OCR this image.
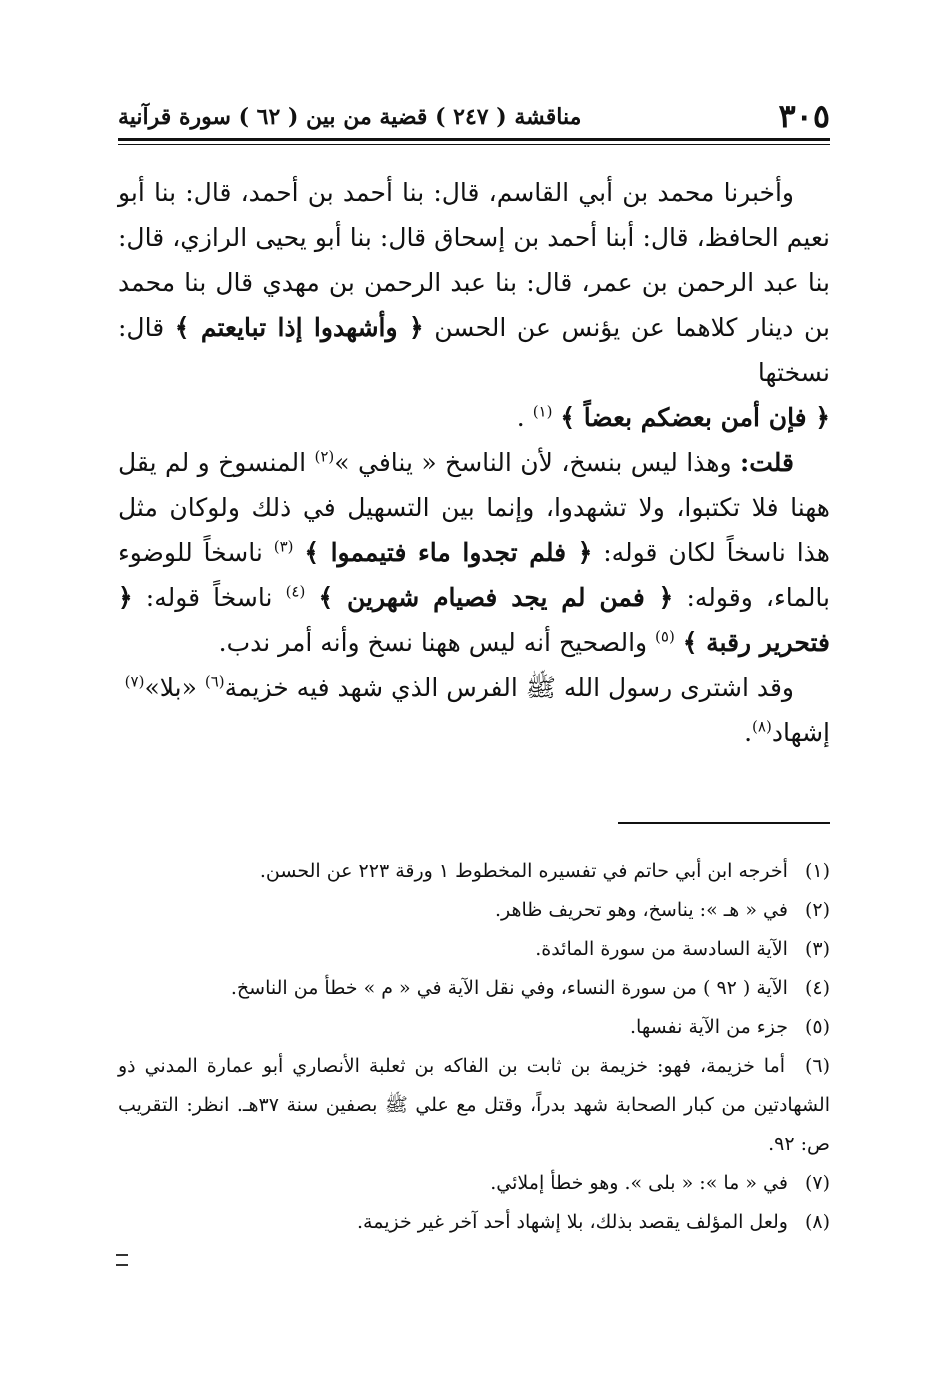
٣٠٥
مناقشة ( ٢٤٧ ) قضية من بين ( ٦٢ ) سورة قرآنية

وأخبرنا محمد بن أبي القاسم، قال: بنا أحمد بن أحمد، قال: بنا أبو نعيم الحافظ، قال: أبنا أحمد بن إسحاق قال: بنا أبو يحيى الرازي، قال: بنا عبد الرحمن بن عمر، قال: بنا عبد الرحمن بن مهدي قال بنا محمد بن دينار كلاهما عن يؤنس عن الحسن ﴿ وأشهدوا إذا تبايعتم ﴾ قال: نسختها
﴿ فإن أمن بعضكم بعضاً ﴾ $^{(١)}$ .

قلت: وهذا ليس بنسخ، لأن الناسخ « ينافي »$^{(٢)}$ المنسوخ و لم يقل ههنا فلا تكتبوا، ولا تشهدوا، وإنما بين التسهيل في ذلك ولوكان مثل هذا ناسخاً لكان قوله: ﴿ فلم تجدوا ماء فتيمموا ﴾ $^{(٣)}$ ناسخاً للوضوء بالماء، وقوله: ﴿ فمن لم يجد فصيام شهرين ﴾ $^{(٤)}$ ناسخاً قوله: ﴿ فتحرير رقبة ﴾ $^{(٥)}$ والصحيح أنه ليس ههنا نسخ وأنه أمر ندب.

وقد اشترى رسول الله ﷺ الفرس الذي شهد فيه خزيمة$^{(٦)}$ «بلا»$^{(٧)}$
إشهاد$^{(٨)}$.

(١) أخرجه ابن أبي حاتم في تفسيره المخطوط ١ ورقة ٢٢٣ عن الحسن.

(٢) في « هـ »: يناسخ، وهو تحريف ظاهر.

(٣) الآية السادسة من سورة المائدة.

(٤) الآية ( ٩٢ ) من سورة النساء، وفي نقل الآية في « م » خطأ من الناسخ.

(٥) جزء من الآية نفسها.

(٦) أما خزيمة، فهو: خزيمة بن ثابت بن الفاكه بن ثعلبة الأنصاري أبو عمارة المدني ذو الشهادتين من كبار الصحابة شهد بدراً، وقتل مع علي ﷺ بصفين سنة ٣٧هـ. انظر: التقريب ص: ٩٢.

(٧) في « ما »: « بلى ». وهو خطأ إملائي.

(٨) ولعل المؤلف يقصد بذلك، بلا إشهاد أحد آخر غير خزيمة.
